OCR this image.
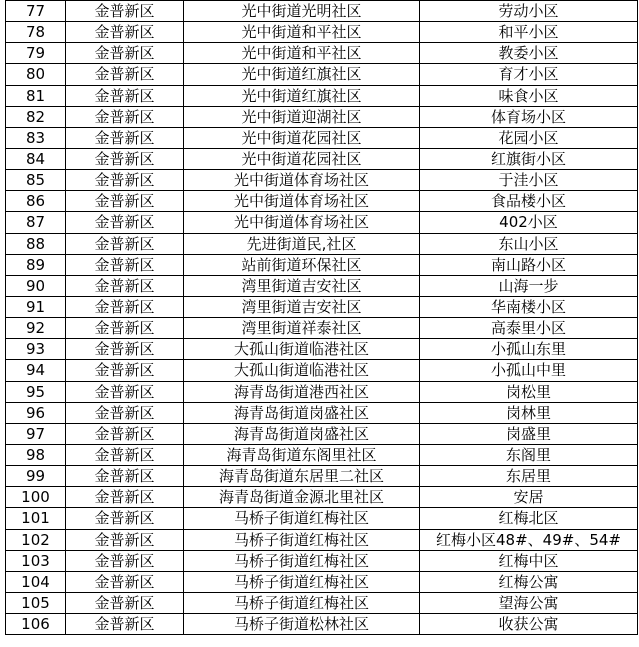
77	金普新区	光中街道光明社区	劳动小区
78	金普新区	光中街道和平社区	和平小区
79	金普新区	光中街道和平社区	教委小区
80	金普新区	光中街道红旗社区	育才小区
81	金普新区	光中街道红旗社区	味食小区
82	金普新区	光中街道迎湖社区	体育场小区
83	金普新区	光中街道花园社区	花园小区
84	金普新区	光中街道花园社区	红旗街小区
85	金普新区	光中街道体育场社区	于洼小区
86	金普新区	光中街道体育场社区	食品楼小区
87	金普新区	光中街道体育场社区	402小区
88	金普新区	先进街道民,社区	东山小区
89	金普新区	站前街道环保社区	南山路小区
90	金普新区	湾里街道吉安社区	山海一步
91	金普新区	湾里街道吉安社区	华南楼小区
92	金普新区	湾里街道祥泰社区	高泰里小区
93	金普新区	大孤山街道临港社区	小孤山东里
94	金普新区	大孤山街道临港社区	小孤山中里
95	金普新区	海青岛街道港西社区	岗松里
96	金普新区	海青岛街道岗盛社区	岗林里
97	金普新区	海青岛街道岗盛社区	岗盛里
98	金普新区	海青岛街道东阁里社区	东阁里
99	金普新区	海青岛街道东居里二社区	东居里
100	金普新区	海青岛街道金源北里社区	安居
101	金普新区	马桥子街道红梅社区	红梅北区
102	金普新区	马桥子街道红梅社区	红梅小区48#、49#、54#
103	金普新区	马桥子街道红梅社区	红梅中区
104	金普新区	马桥子街道红梅社区	红梅公寓
105	金普新区	马桥子街道红梅社区	望海公寓
106	金普新区	马桥子街道松林社区	收获公寓
